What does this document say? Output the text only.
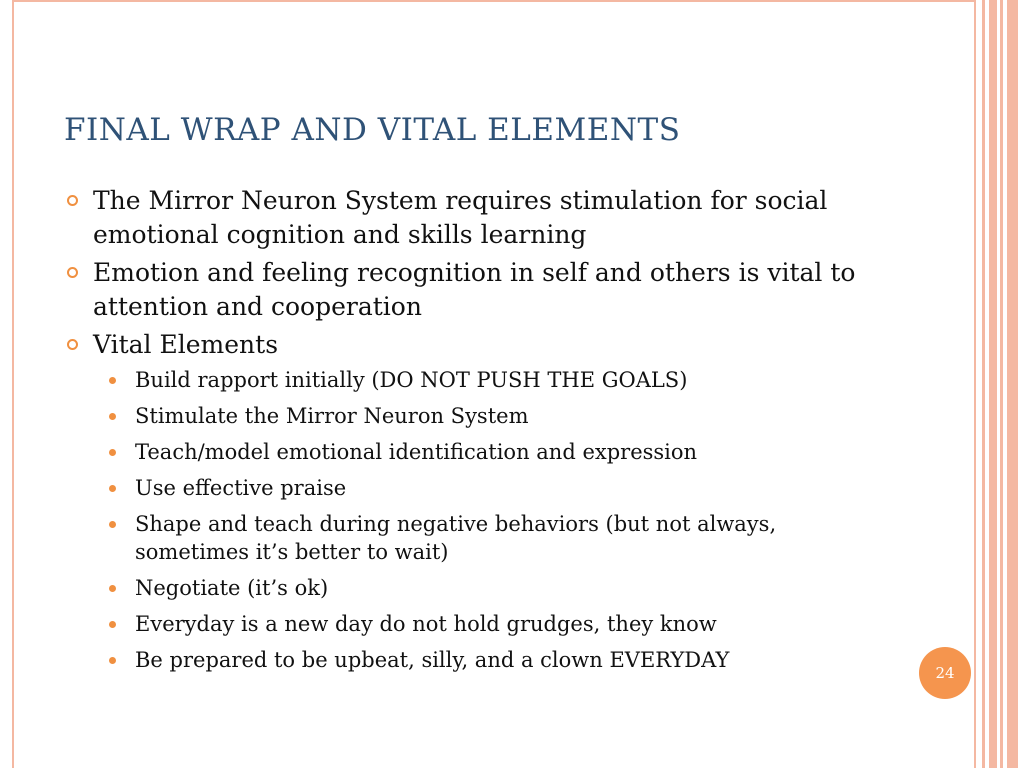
FINAL WRAP AND VITAL ELEMENTS
The Mirror Neuron System requires stimulation for social emotional cognition and skills learning
Emotion and feeling recognition in self and others is vital to attention and cooperation
Vital Elements
Build rapport initially (DO NOT PUSH THE GOALS)
Stimulate the Mirror Neuron System
Teach/model emotional identification and expression
Use effective praise
Shape and teach during negative behaviors (but not always, sometimes it’s better to wait)
Negotiate (it’s ok)
Everyday is a new day do not hold grudges, they know
Be prepared to be upbeat, silly, and a clown EVERYDAY
24
